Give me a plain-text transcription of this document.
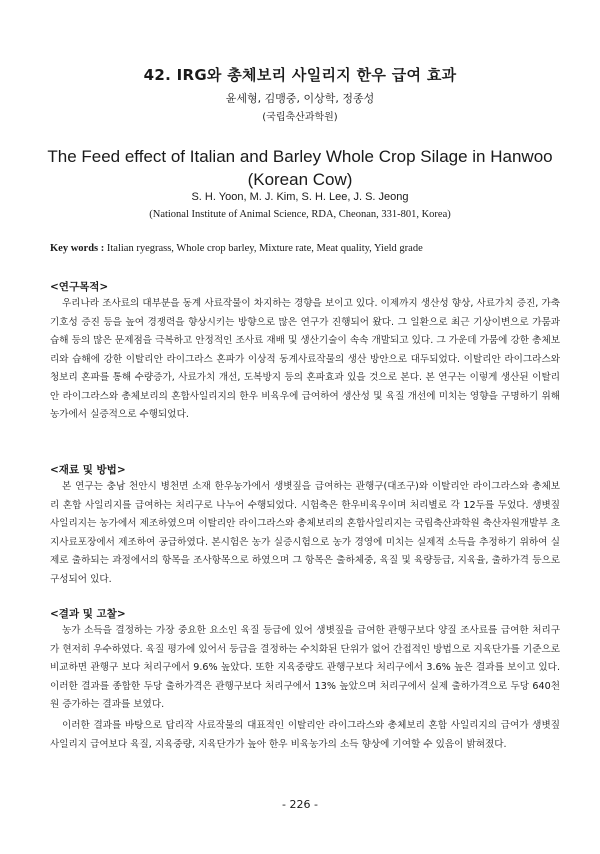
42. IRG와 총체보리 사일리지 한우 급여 효과
윤세형, 김맹중, 이상학, 정종성
(국립축산과학원)
The Feed effect of Italian and Barley Whole Crop Silage in Hanwoo (Korean Cow)
S. H. Yoon, M. J. Kim, S. H. Lee, J. S. Jeong
(National Institute of Animal Science, RDA, Cheonan, 331-801, Korea)
Key words : Italian ryegrass, Whole crop barley, Mixture rate, Meat quality, Yield grade
<연구목적>

우리나라 조사료의 대부분을 동계 사료작물이 차지하는 경향을 보이고 있다. 이제까지 생산성 향상, 사료가치 증진, 가축 기호성 증진 등을 높여 경쟁력을 향상시키는 방향으로 많은 연구가 진행되어 왔다. 그 일환으로 최근 기상이변으로 가뭄과 습해 등의 많은 문제점을 극복하고 안정적인 조사료 재배 및 생산기술이 속속 개발되고 있다. 그 가운데 가뭄에 강한 총체보리와 습해에 강한 이탈리안 라이그라스 혼파가 이상적 동계사료작물의 생산 방안으로 대두되었다. 이탈리안 라이그라스와 청보리 혼파를 통해 수량증가, 사료가치 개선, 도복방지 등의 혼파효과 있을 것으로 본다. 본 연구는 이렇게 생산된 이탈리안 라이그라스와 총체보리의 혼합사일리지의 한우 비육우에 급여하여 생산성 및 육질 개선에 미치는 영향을 구명하기 위해 농가에서 실증적으로 수행되었다.

<재료 및 방법>

본 연구는 충남 천안시 병천면 소재 한우농가에서 생볏짚을 급여하는 관행구(대조구)와 이탈리안 라이그라스와 총체보리 혼합 사일리지를 급여하는 처리구로 나누어 수행되었다. 시험축은 한우비육우이며 처리별로 각 12두를 두었다. 생볏짚 사일리지는 농가에서 제조하였으며 이탈리안 라이그라스와 총체보리의 혼합사일리지는 국립축산과학원 축산자원개발부 초지사료포장에서 제조하여 공급하였다. 본시험은 농가 실증시험으로 농가 경영에 미치는 실제적 소득을 추정하기 위하여 실제로 출하되는 과정에서의 항목을 조사항목으로 하였으며 그 항목은 출하체중, 육질 및 육량등급, 지육율, 출하가격 등으로 구성되어 있다.

<결과 및 고찰>

농가 소득을 결정하는 가장 중요한 요소인 육질 등급에 있어 생볏짚을 급여한 관행구보다 양질 조사료를 급여한 처리구가 현저히 우수하였다. 육질 평가에 있어서 등급을 결정하는 수치화된 단위가 없어 간접적인 방법으로 지육단가를 기준으로 비교하면 관행구 보다 처리구에서 9.6% 높았다. 또한 지육중량도 관행구보다 처리구에서 3.6% 높은 결과를 보이고 있다. 이러한 결과를 종합한 두당 출하가격은 관행구보다 처리구에서 13% 높았으며 처리구에서 실제 출하가격으로 두당 640천원 증가하는 결과를 보였다.

이러한 결과를 바탕으로 답리작 사료작물의 대표적인 이탈리안 라이그라스와 총체보리 혼합 사일리지의 급여가 생볏짚 사일리지 급여보다 육질, 지육중량, 지육단가가 높아 한우 비육농가의 소득 향상에 기여할 수 있음이 밝혀졌다.

- 226 -
